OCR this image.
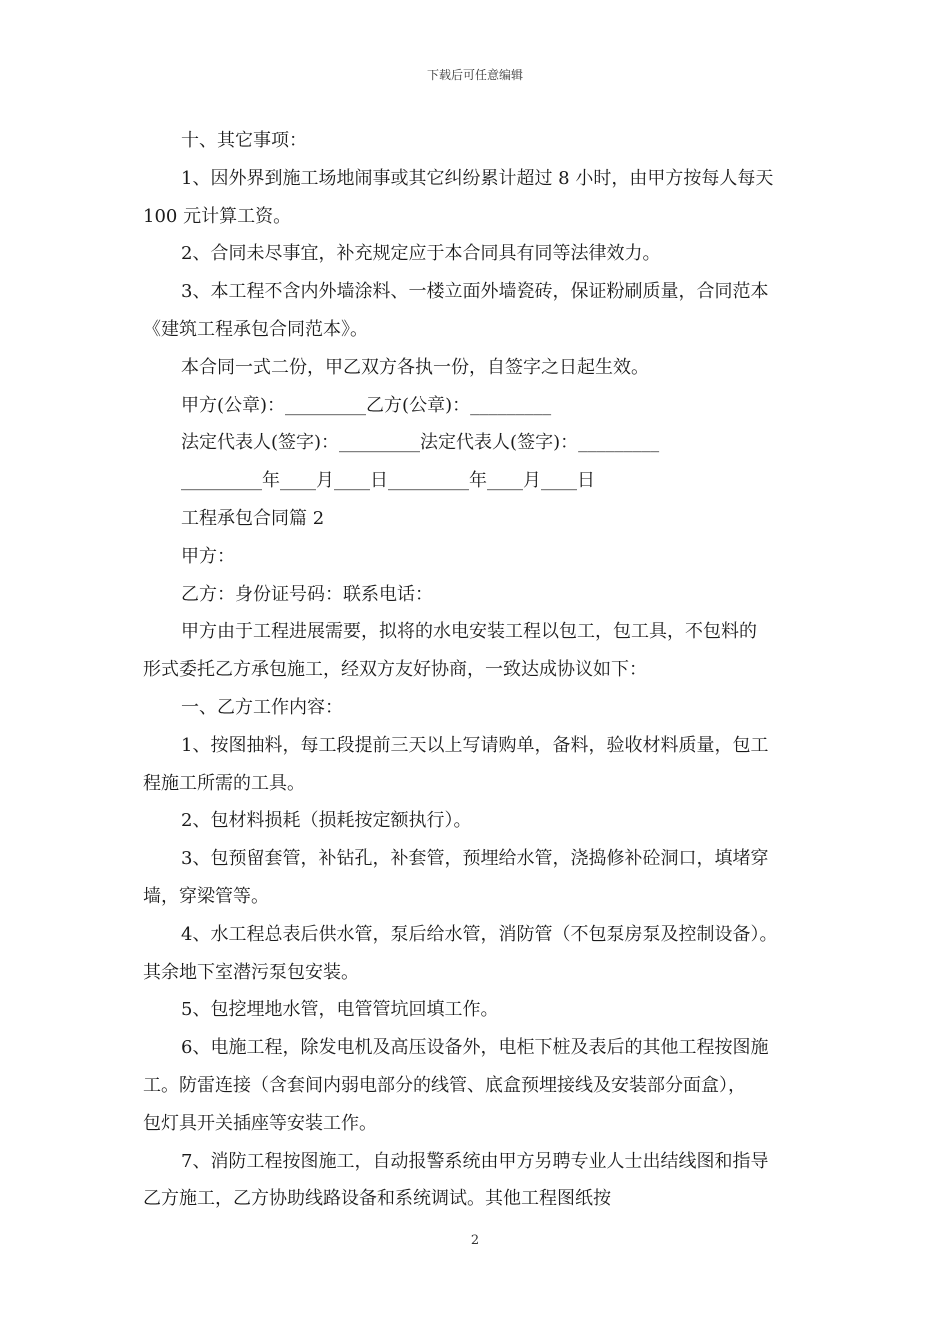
下载后可任意编辑
十、其它事项：
1、因外界到施工场地闹事或其它纠纷累计超过 8 小时，由甲方按每人每天
100 元计算工资。
2、合同未尽事宜，补充规定应于本合同具有同等法律效力。
3、本工程不含内外墙涂料、一楼立面外墙瓷砖，保证粉刷质量，合同范本
《建筑工程承包合同范本》。
本合同一式二份，甲乙双方各执一份，自签字之日起生效。
甲方(公章)：_________乙方(公章)：_________
法定代表人(签字)：_________法定代表人(签字)：_________
_________年____月____日_________年____月____日
工程承包合同篇 2
甲方：
乙方：身份证号码：联系电话：
甲方由于工程进展需要，拟将的水电安装工程以包工，包工具，不包料的
形式委托乙方承包施工，经双方友好协商，一致达成协议如下：
一、乙方工作内容：
1、按图抽料，每工段提前三天以上写请购单，备料，验收材料质量，包工
程施工所需的工具。
2、包材料损耗（损耗按定额执行）。
3、包预留套管，补钻孔，补套管，预埋给水管，浇捣修补砼洞口，填堵穿
墙，穿梁管等。
4、水工程总表后供水管，泵后给水管，消防管（不包泵房泵及控制设备）。
其余地下室潜污泵包安装。
5、包挖埋地水管，电管管坑回填工作。
6、电施工程，除发电机及高压设备外，电柜下桩及表后的其他工程按图施
工。防雷连接（含套间内弱电部分的线管、底盒预埋接线及安装部分面盒），
包灯具开关插座等安装工作。
7、消防工程按图施工，自动报警系统由甲方另聘专业人士出结线图和指导
乙方施工，乙方协助线路设备和系统调试。其他工程图纸按
2
